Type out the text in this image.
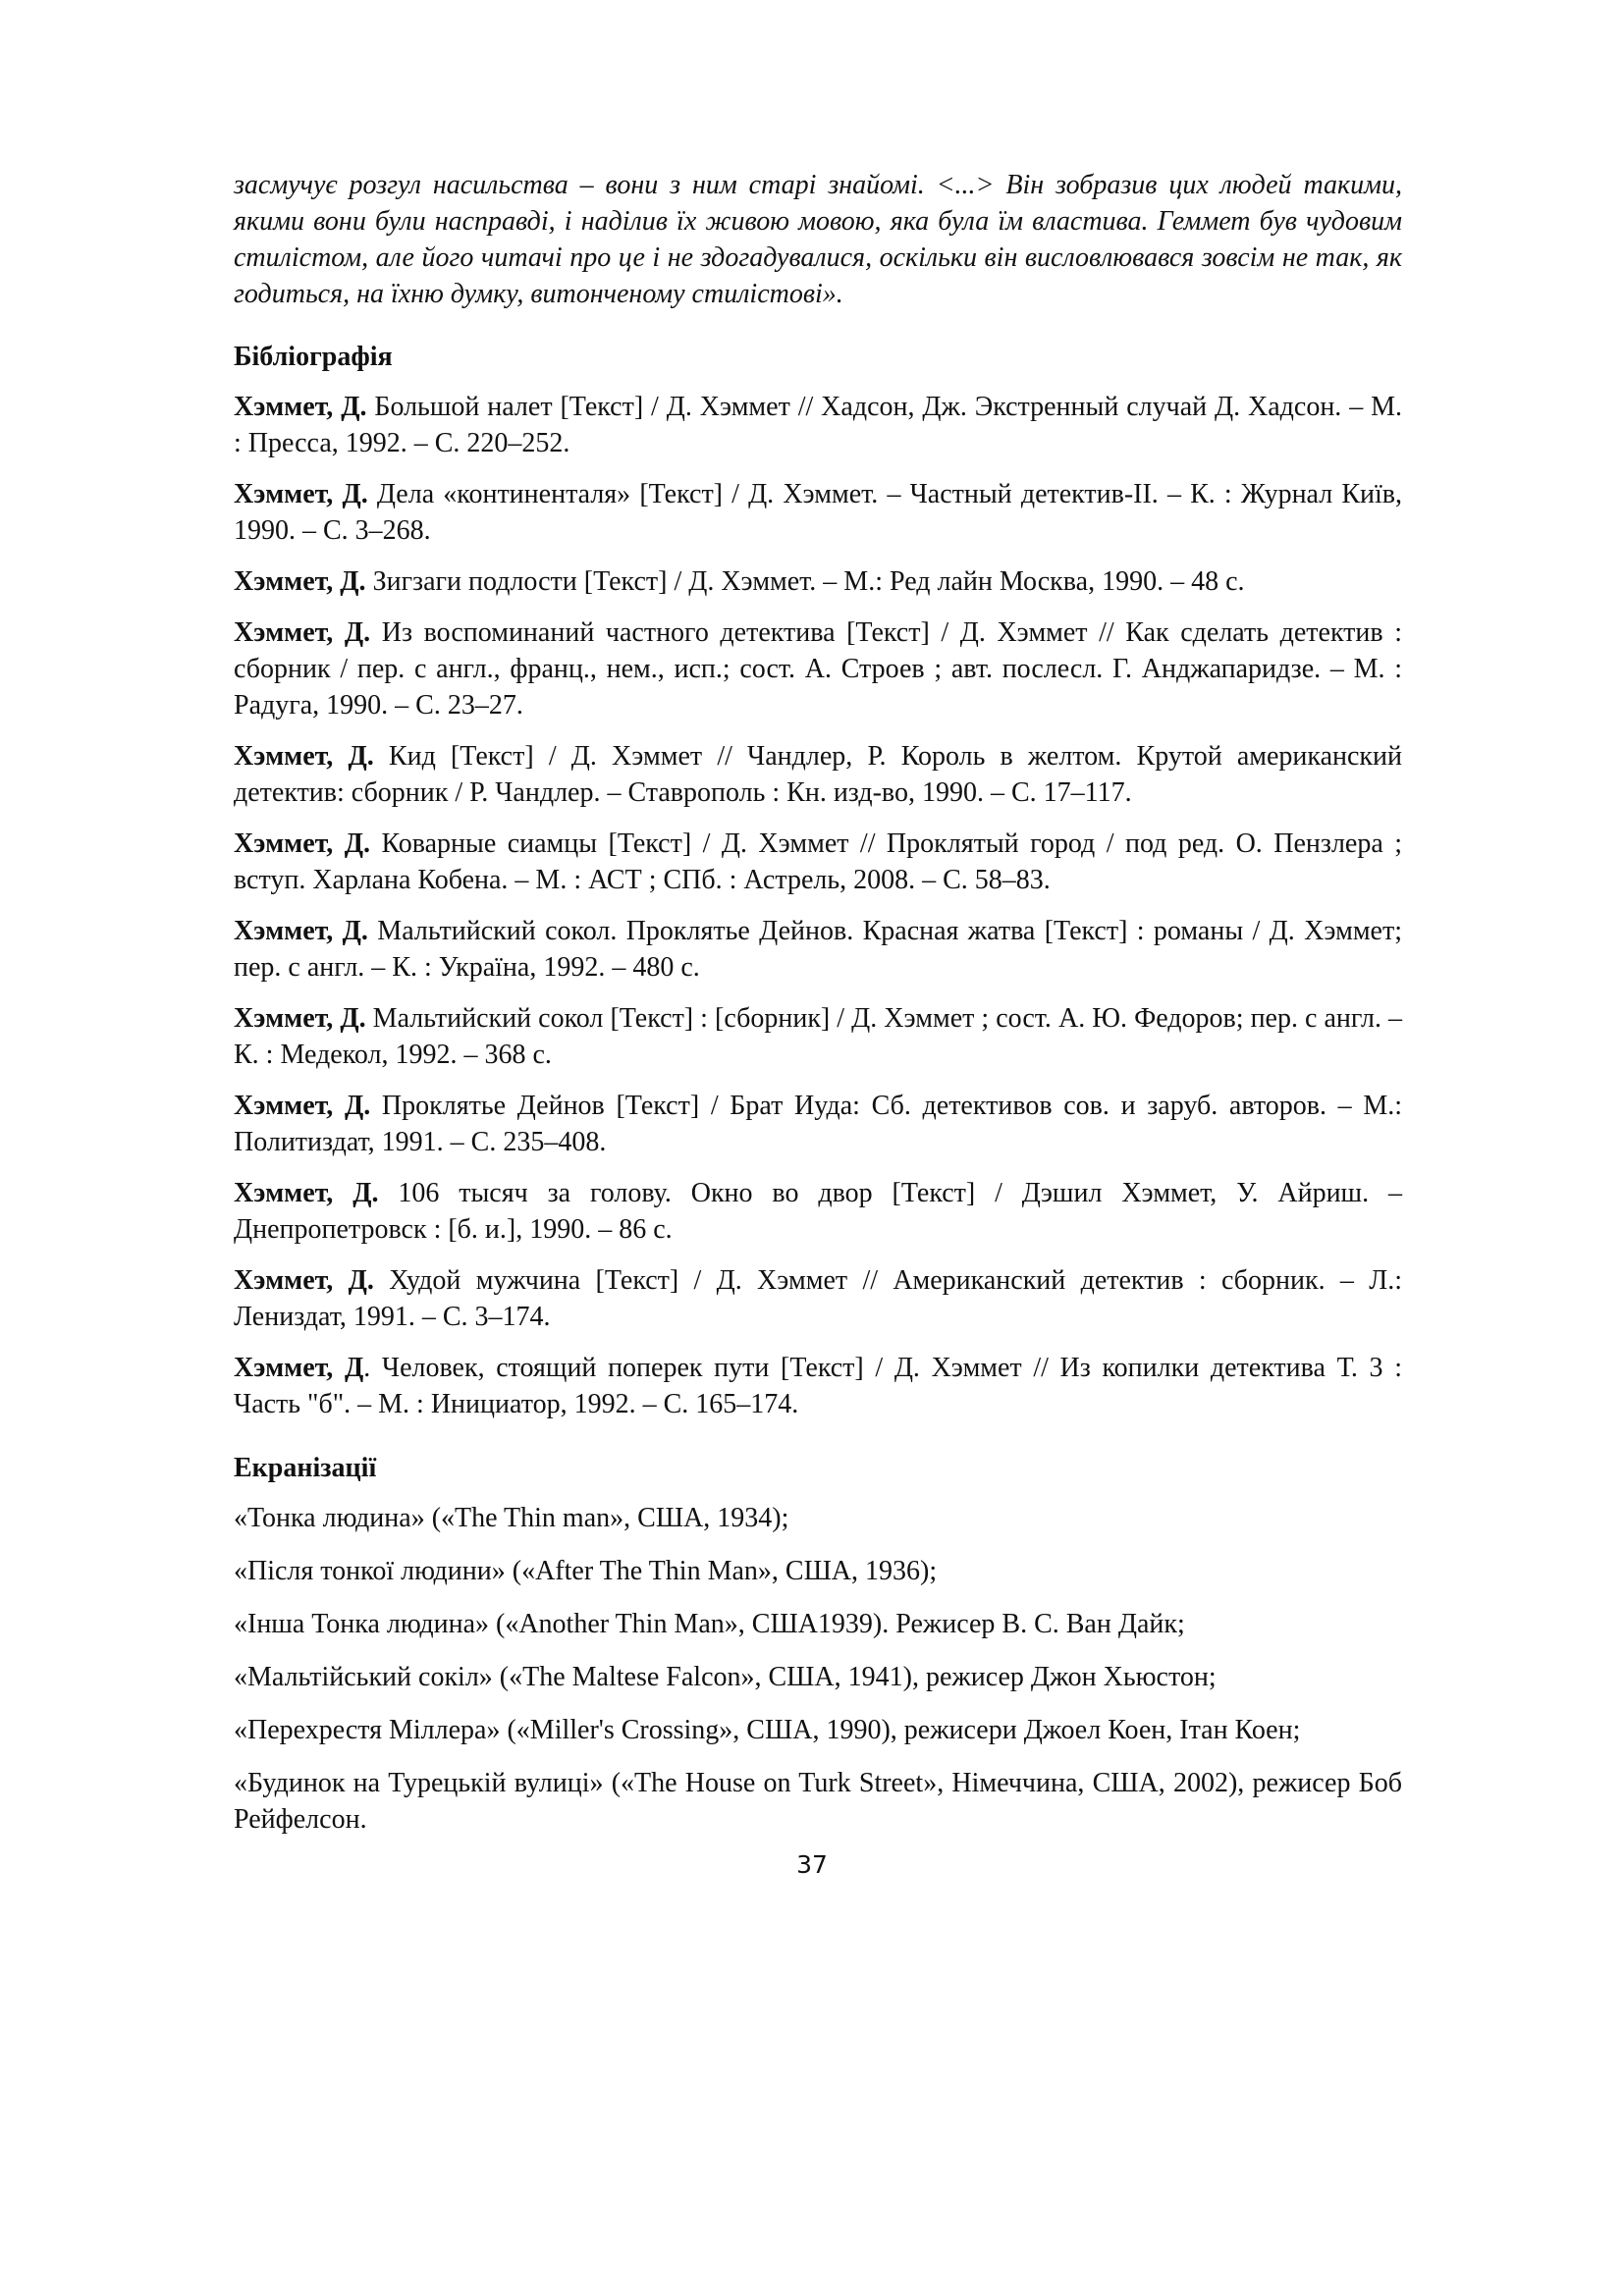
засмучує розгул насильства – вони з ним старі знайомі. <...> Він зобразив цих людей такими, якими вони були насправді, і наділив їх живою мовою, яка була їм властива. Геммет був чудовим стилістом, але його читачі про це і не здогадувалися, оскільки він висловлювався зовсім не так, як годиться, на їхню думку, витонченому стилістові».

Бібліографія

Хэммет, Д. Большой налет [Текст] / Д. Хэммет // Хадсон, Дж. Экстренный случай Д. Хадсон. – М. : Пресса, 1992. – С. 220–252.

Хэммет, Д. Дела «континенталя» [Текст] / Д. Хэммет. – Частный детектив-II. – К. : Журнал Київ, 1990. – С. 3–268.

Хэммет, Д. Зигзаги подлости [Текст] / Д. Хэммет. – М.: Ред лайн Москва, 1990. – 48 с.

Хэммет, Д. Из воспоминаний частного детектива [Текст] / Д. Хэммет // Как сделать детектив : сборник / пер. с англ., франц., нем., исп.; сост. А. Строев ; авт. послесл. Г. Анджапаридзе. – М. : Радуга, 1990. – С. 23–27.

Хэммет, Д. Кид [Текст] / Д. Хэммет // Чандлер, Р. Король в желтом. Крутой американский детектив: сборник / Р. Чандлер. – Ставрополь : Кн. изд-во, 1990. – С. 17–117.

Хэммет, Д. Коварные сиамцы [Текст] / Д. Хэммет // Проклятый город / под ред. О. Пензлера ; вступ. Харлана Кобена. – М. : АСТ ; СПб. : Астрель, 2008. – С. 58–83.

Хэммет, Д. Мальтийский сокол. Проклятье Дейнов. Красная жатва [Текст] : романы / Д. Хэммет; пер. с англ. – К. : Україна, 1992. – 480 с.

Хэммет, Д. Мальтийский сокол [Текст] : [сборник] / Д. Хэммет ; сост. А. Ю. Федоров; пер. с англ. – К. : Медекол, 1992. – 368 с.

Хэммет, Д. Проклятье Дейнов [Текст] / Брат Иуда: Сб. детективов сов. и заруб. авторов. – М.: Политиздат, 1991. – С. 235–408.

Хэммет, Д. 106 тысяч за голову. Окно во двор [Текст] / Дэшил Хэммет, У. Айриш. – Днепропетровск : [б. и.], 1990. – 86 с.

Хэммет, Д. Худой мужчина [Текст] / Д. Хэммет // Американский детектив : сборник. – Л.: Лениздат, 1991. – С. 3–174.

Хэммет, Д. Человек, стоящий поперек пути [Текст] / Д. Хэммет // Из копилки детектива Т. 3 : Часть "б". – М. : Инициатор, 1992. – С. 165–174.

Екранізації

«Тонка людина» («The Thin man», США, 1934);

«Після тонкої людини» («After The Thin Man», США, 1936);

«Інша Тонка людина» («Another Thin Man», США1939). Режисер В. С. Ван Дайк;

«Мальтійський сокіл» («The Maltese Falcon», США, 1941), режисер Джон Хьюстон;

«Перехрестя Міллера» («Miller's Crossing», США, 1990), режисери Джоел Коен, Ітан Коен;

«Будинок на Турецькій вулиці» («The House on Turk Street», Німеччина, США, 2002), режисер Боб Рейфелсон.

37
